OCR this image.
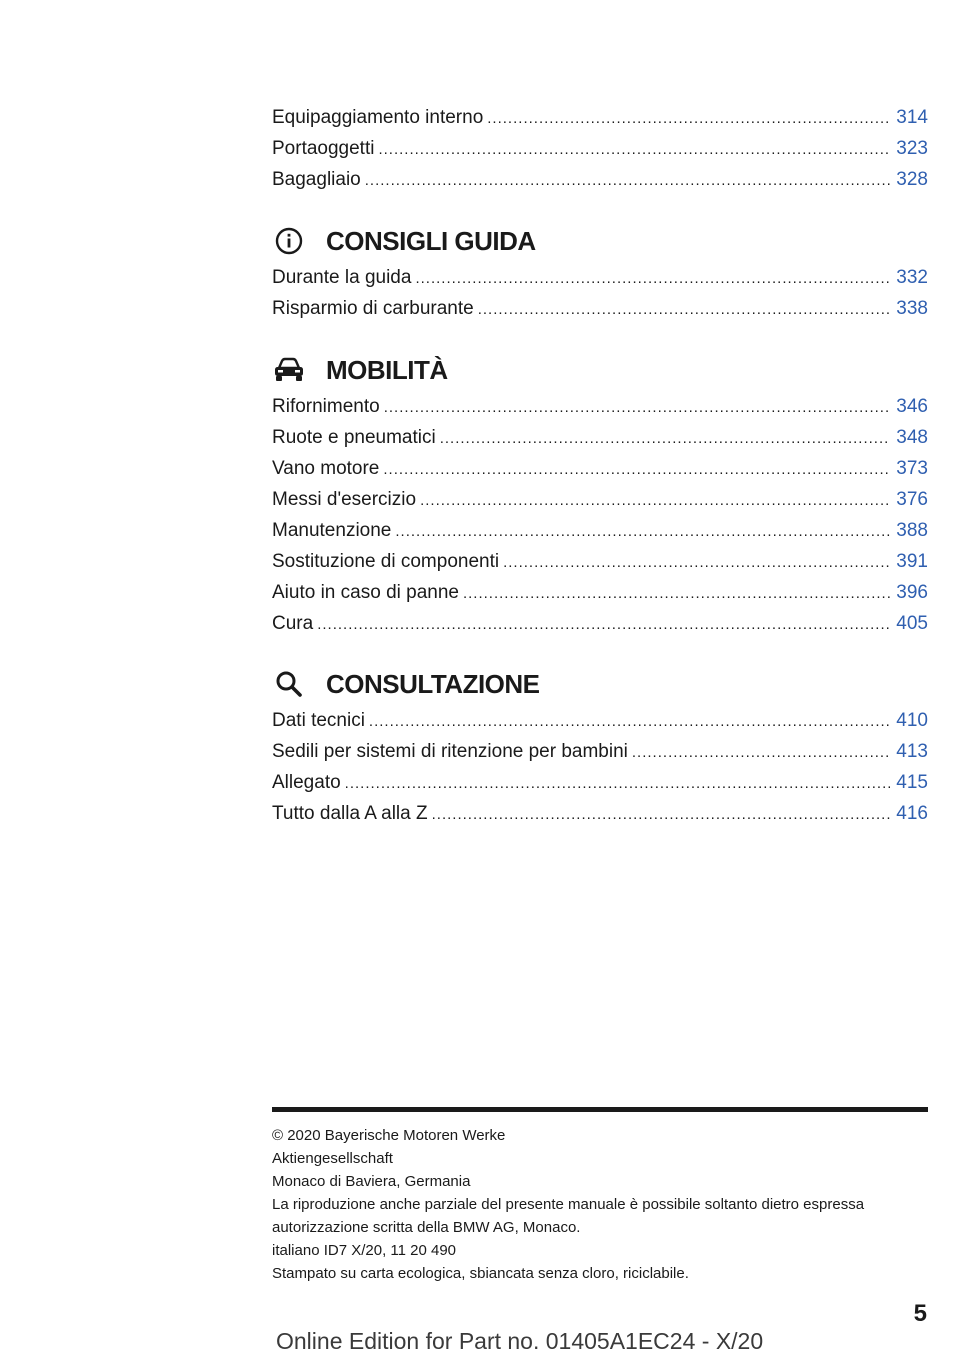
Equipaggiamento interno .....	314
Portaoggetti .....	323
Bagagliaio .....	328
CONSIGLI GUIDA
Durante la guida .....	332
Risparmio di carburante .....	338
MOBILITÀ
Rifornimento .....	346
Ruote e pneumatici .....	348
Vano motore .....	373
Messi d'esercizio .....	376
Manutenzione .....	388
Sostituzione di componenti .....	391
Aiuto in caso di panne .....	396
Cura .....	405
CONSULTAZIONE
Dati tecnici .....	410
Sedili per sistemi di ritenzione per bambini .....	413
Allegato .....	415
Tutto dalla A alla Z .....	416
© 2020 Bayerische Motoren Werke
Aktiengesellschaft
Monaco di Baviera, Germania
La riproduzione anche parziale del presente manuale è possibile soltanto dietro espressa
autorizzazione scritta della BMW AG, Monaco.
italiano ID7 X/20, 11 20 490
Stampato su carta ecologica, sbiancata senza cloro, riciclabile.
5
Online Edition for Part no. 01405A1EC24 - X/20
